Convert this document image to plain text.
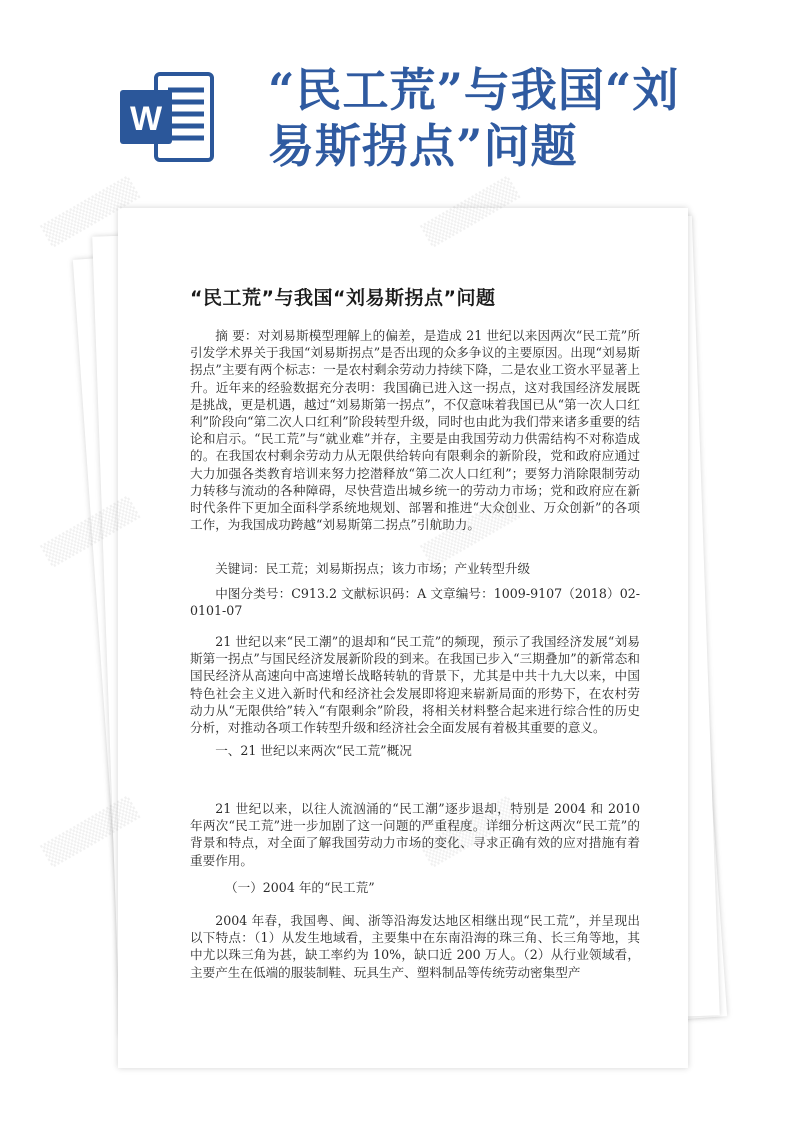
W
“民工荒”与我国“刘
易斯拐点”问题
“民工荒”与我国“刘易斯拐点”问题

摘 要：对刘易斯模型理解上的偏差，是造成 21 世纪以来因两次“民工荒”所引发学术界关于我国“刘易斯拐点”是否出现的众多争议的主要原因。出现“刘易斯拐点”主要有两个标志：一是农村剩余劳动力持续下降，二是农业工资水平显著上升。近年来的经验数据充分表明：我国确已进入这一拐点，这对我国经济发展既是挑战，更是机遇，越过“刘易斯第一拐点”，不仅意味着我国已从“第一次人口红利”阶段向“第二次人口红利”阶段转型升级，同时也由此为我们带来诸多重要的结论和启示。“民工荒”与“就业难”并存，主要是由我国劳动力供需结构不对称造成的。在我国农村剩余劳动力从无限供给转向有限剩余的新阶段，党和政府应通过大力加强各类教育培训来努力挖潜释放“第二次人口红利”；要努力消除限制劳动力转移与流动的各种障碍，尽快营造出城乡统一的劳动力市场；党和政府应在新时代条件下更加全面科学系统地规划、部署和推进“大众创业、万众创新”的各项工作，为我国成功跨越“刘易斯第二拐点”引航助力。

关键词：民工荒；刘易斯拐点；该力市场；产业转型升级

中图分类号：C913.2 文献标识码：A 文章编号：1009-9107（2018）02-0101-07

21 世纪以来“民工潮”的退却和“民工荒”的频现，预示了我国经济发展“刘易斯第一拐点”与国民经济发展新阶段的到来。在我国已步入“三期叠加”的新常态和国民经济从高速向中高速增长战略转轨的背景下，尤其是中共十九大以来，中国特色社会主义进入新时代和经济社会发展即将迎来崭新局面的形势下，在农村劳动力从“无限供给”转入“有限剩余”阶段，将相关材料整合起来进行综合性的历史分析，对推动各项工作转型升级和经济社会全面发展有着极其重要的意义。

一、21 世纪以来两次“民工荒”概况

21 世纪以来，以往人流汹涌的“民工潮”逐步退却，特别是 2004 和 2010 年两次“民工荒”进一步加剧了这一问题的严重程度。详细分析这两次“民工荒”的背景和特点，对全面了解我国劳动力市场的变化、寻求正确有效的应对措施有着重要作用。

（一）2004 年的“民工荒”

2004 年春，我国粤、闽、浙等沿海发达地区相继出现“民工荒”，并呈现出以下特点：（1）从发生地域看，主要集中在东南沿海的珠三角、长三角等地，其中尤以珠三角为甚，缺工率约为 10%，缺口近 200 万人。（2）从行业领域看，主要产生在低端的服装制鞋、玩具生产、塑料制品等传统劳动密集型产

▒▒▒▒▒▒
▒▒▒▒▒▒
▒▒▒▒▒▒
